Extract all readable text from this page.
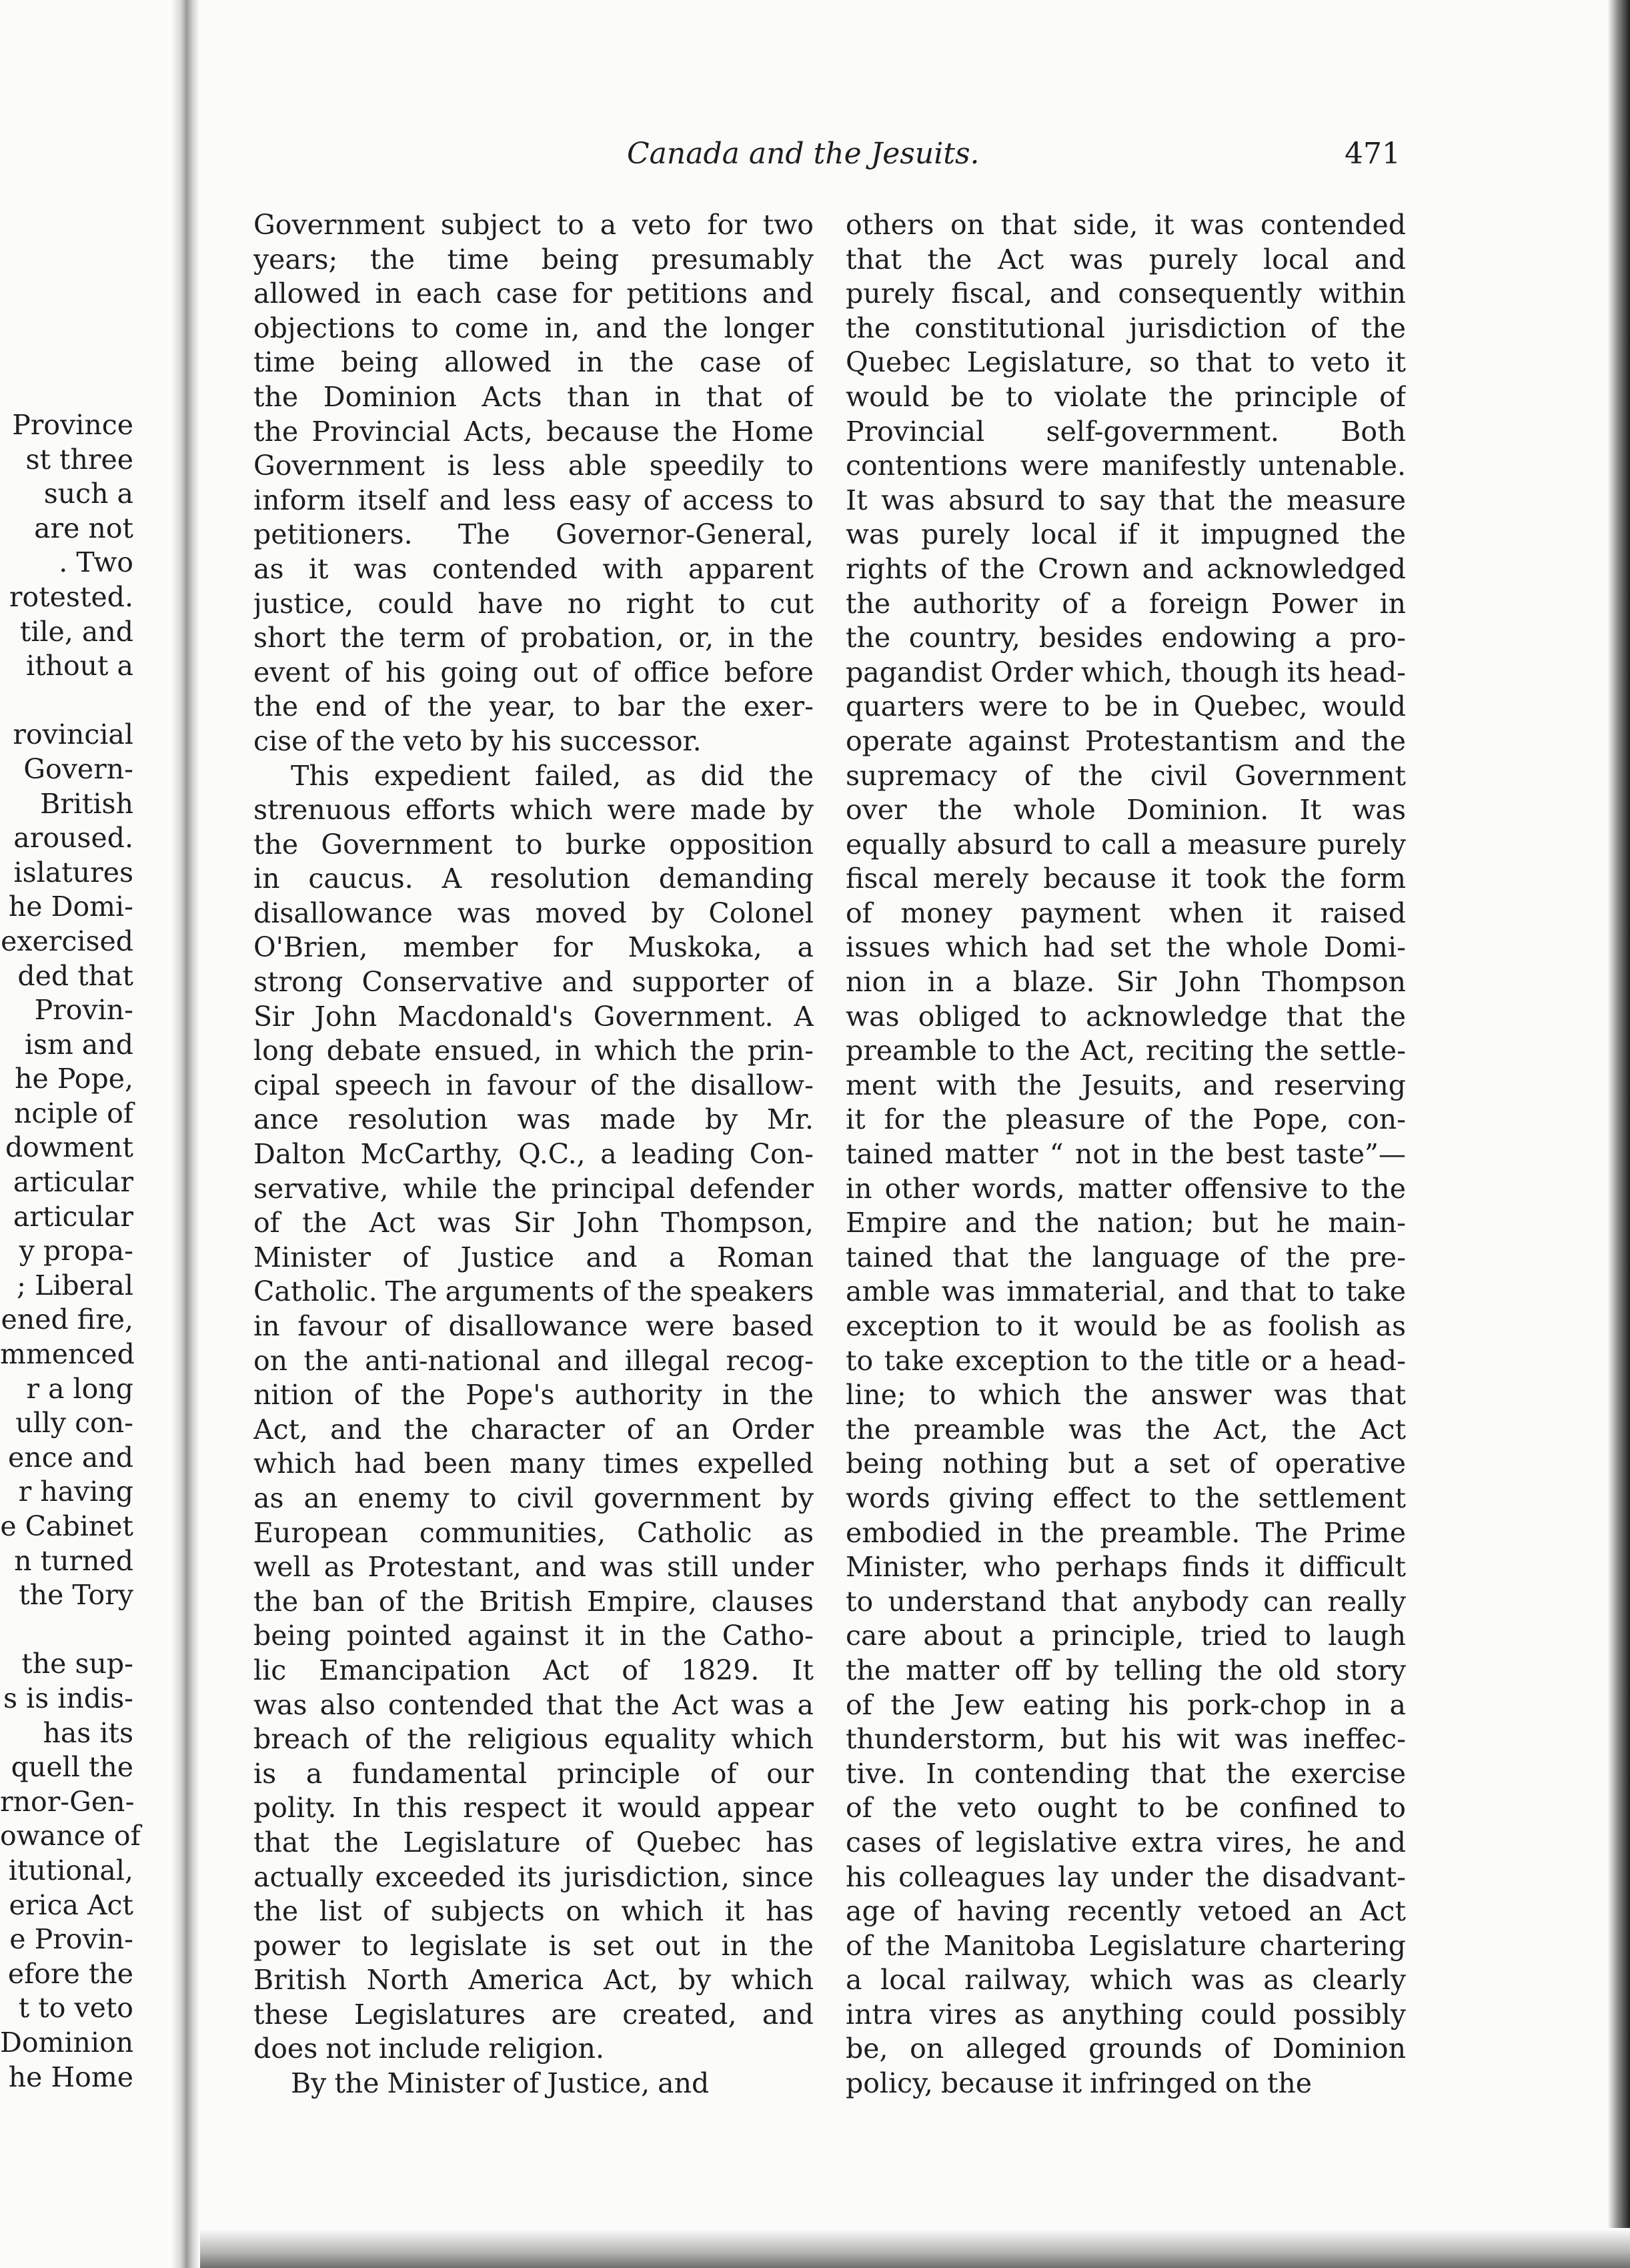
Province
st three
such a
are not
. Two
rotested.
tile, and
ithout a
rovincial
Govern-
British
aroused.
islatures
he Domi-
exercised
ded that
Provin-
ism and
he Pope,
nciple of
dowment
articular
articular
y propa-
; Liberal
ened fire,
mmenced
r a long
ully con-
ence and
r having
e Cabinet
n turned
the Tory
the sup-
s is indis-
has its
quell the
rnor-Gen-
owance of
itutional,
erica Act
e Provin-
efore the
t to veto
Dominion
he Home
Canada and the Jesuits.	471
Government subject to a veto for two
years; the time being presumably
allowed in each case for petitions and
objections to come in, and the longer
time being allowed in the case of
the Dominion Acts than in that of
the Provincial Acts, because the Home
Government is less able speedily to
inform itself and less easy of access to
petitioners. The Governor-General,
as it was contended with apparent
justice, could have no right to cut
short the term of probation, or, in the
event of his going out of office before
the end of the year, to bar the exer-
cise of the veto by his successor.
This expedient failed, as did the
strenuous efforts which were made by
the Government to burke opposition
in caucus. A resolution demanding
disallowance was moved by Colonel
O'Brien, member for Muskoka, a
strong Conservative and supporter of
Sir John Macdonald's Government. A
long debate ensued, in which the prin-
cipal speech in favour of the disallow-
ance resolution was made by Mr.
Dalton McCarthy, Q.C., a leading Con-
servative, while the principal defender
of the Act was Sir John Thompson,
Minister of Justice and a Roman
Catholic. The arguments of the speakers
in favour of disallowance were based
on the anti-national and illegal recog-
nition of the Pope's authority in the
Act, and the character of an Order
which had been many times expelled
as an enemy to civil government by
European communities, Catholic as
well as Protestant, and was still under
the ban of the British Empire, clauses
being pointed against it in the Catho-
lic Emancipation Act of 1829. It
was also contended that the Act was a
breach of the religious equality which
is a fundamental principle of our
polity. In this respect it would appear
that the Legislature of Quebec has
actually exceeded its jurisdiction, since
the list of subjects on which it has
power to legislate is set out in the
British North America Act, by which
these Legislatures are created, and
does not include religion.
By the Minister of Justice, and
others on that side, it was contended
that the Act was purely local and
purely fiscal, and consequently within
the constitutional jurisdiction of the
Quebec Legislature, so that to veto it
would be to violate the principle of
Provincial self-government. Both
contentions were manifestly untenable.
It was absurd to say that the measure
was purely local if it impugned the
rights of the Crown and acknowledged
the authority of a foreign Power in
the country, besides endowing a pro-
pagandist Order which, though its head-
quarters were to be in Quebec, would
operate against Protestantism and the
supremacy of the civil Government
over the whole Dominion. It was
equally absurd to call a measure purely
fiscal merely because it took the form
of money payment when it raised
issues which had set the whole Domi-
nion in a blaze. Sir John Thompson
was obliged to acknowledge that the
preamble to the Act, reciting the settle-
ment with the Jesuits, and reserving
it for the pleasure of the Pope, con-
tained matter “ not in the best taste”—
in other words, matter offensive to the
Empire and the nation; but he main-
tained that the language of the pre-
amble was immaterial, and that to take
exception to it would be as foolish as
to take exception to the title or a head-
line; to which the answer was that
the preamble was the Act, the Act
being nothing but a set of operative
words giving effect to the settlement
embodied in the preamble. The Prime
Minister, who perhaps finds it difficult
to understand that anybody can really
care about a principle, tried to laugh
the matter off by telling the old story
of the Jew eating his pork-chop in a
thunderstorm, but his wit was ineffec-
tive. In contending that the exercise
of the veto ought to be confined to
cases of legislative extra vires, he and
his colleagues lay under the disadvant-
age of having recently vetoed an Act
of the Manitoba Legislature chartering
a local railway, which was as clearly
intra vires as anything could possibly
be, on alleged grounds of Dominion
policy, because it infringed on the
